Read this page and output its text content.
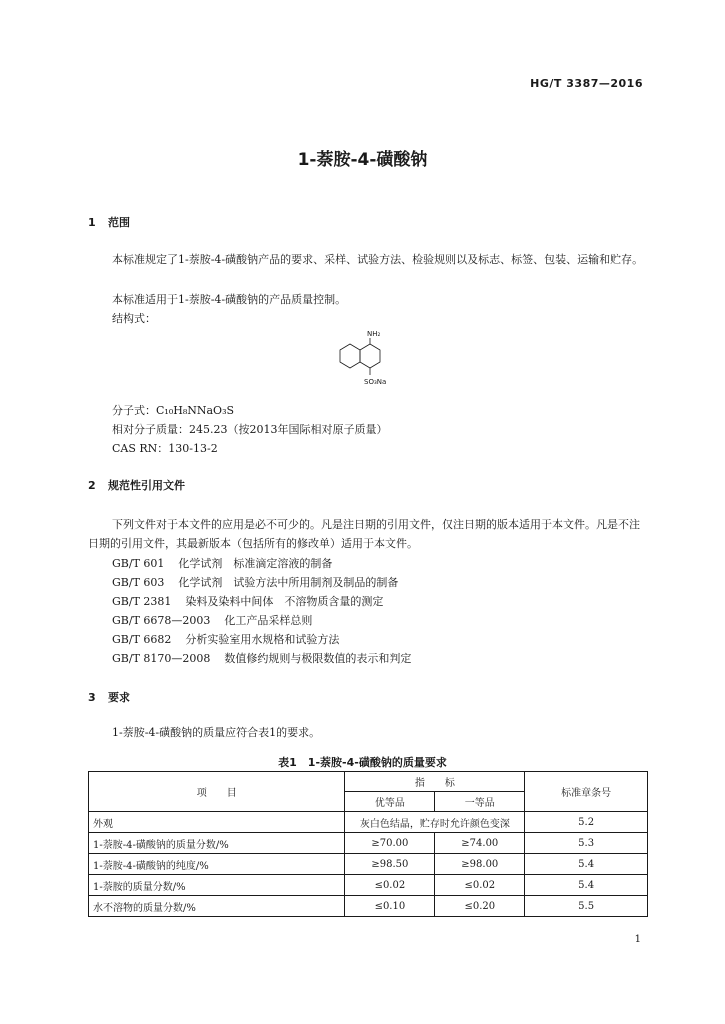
HG/T 3387—2016
1-萘胺-4-磺酸钠
1 范围
本标准规定了1-萘胺-4-磺酸钠产品的要求、采样、试验方法、检验规则以及标志、标签、包装、运输和贮存。
本标准适用于1-萘胺-4-磺酸钠的产品质量控制。
结构式：
NH₂
SO₃Na
分子式：C₁₀H₈NNaO₃S
相对分子质量：245.23（按2013年国际相对原子质量）
CAS RN：130-13-2
2 规范性引用文件
下列文件对于本文件的应用是必不可少的。凡是注日期的引用文件，仅注日期的版本适用于本文件。凡是不注日期的引用文件，其最新版本（包括所有的修改单）适用于本文件。
GB/T 601 化学试剂　标准滴定溶液的制备
GB/T 603 化学试剂　试验方法中所用制剂及制品的制备
GB/T 2381 染料及染料中间体　不溶物质含量的测定
GB/T 6678—2003 化工产品采样总则
GB/T 6682 分析实验室用水规格和试验方法
GB/T 8170—2008 数值修约规则与极限数值的表示和判定
3 要求
1-萘胺-4-磺酸钠的质量应符合表1的要求。
表1　1-萘胺-4-磺酸钠的质量要求
项　　目	指　　标		标准章条号
	优等品	一等品	
外观	灰白色结晶，贮存时允许颜色变深		5.2
1-萘胺-4-磺酸钠的质量分数/%	≥70.00	≥74.00	5.3
1-萘胺-4-磺酸钠的纯度/%	≥98.50	≥98.00	5.4
1-萘胺的质量分数/%	≤0.02	≤0.02	5.4
水不溶物的质量分数/%	≤0.10	≤0.20	5.5
1
